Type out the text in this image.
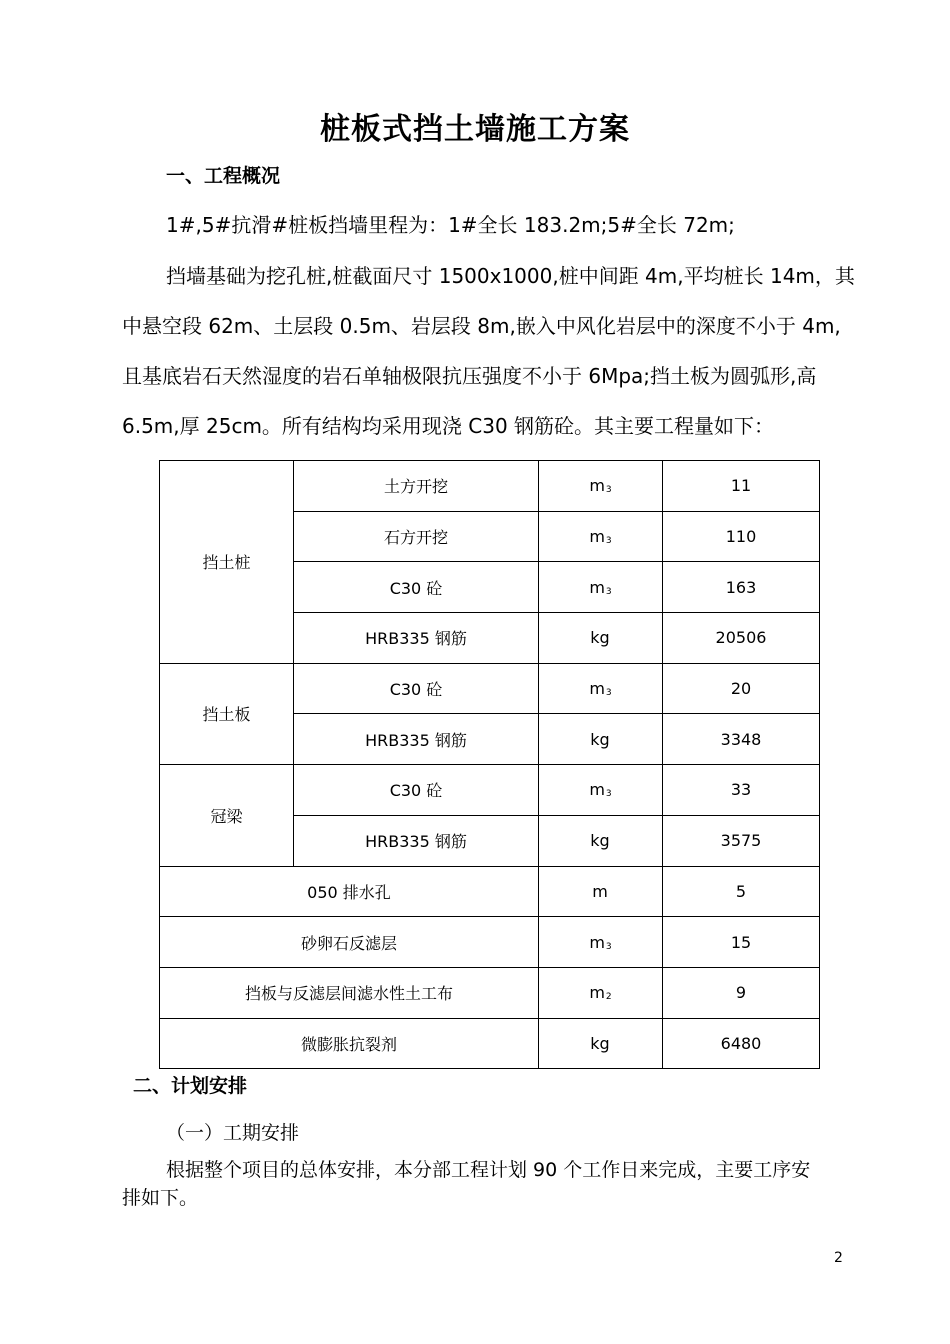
桩板式挡土墙施工方案
一、工程概况
1#,5#抗滑#桩板挡墙里程为：1#全长 183.2m;5#全长 72m;
挡墙基础为挖孔桩,桩截面尺寸 1500x1000,桩中间距 4m,平均桩长 14m，其
中悬空段 62m、土层段 0.5m、岩层段 8m,嵌入中风化岩层中的深度不小于 4m,
且基底岩石天然湿度的岩石单轴极限抗压强度不小于 6Mpa;挡土板为圆弧形,高
6.5m,厚 25cm。所有结构均采用现浇 C30 钢筋砼。其主要工程量如下：
挡土桩	土方开挖	$m^3$	11
	石方开挖	$m^3$	110
	C30 砼	$m^3$	163
	HRB335 钢筋	kg	20506
挡土板	C30 砼	$m^3$	20
	HRB335 钢筋	kg	3348
冠梁	C30 砼	$m^3$	33
	HRB335 钢筋	kg	3575
050 排水孔		m	5
砂卵石反滤层		$m^3$	15
挡板与反滤层间滤水性土工布		$m^2$	9
微膨胀抗裂剂		kg	6480
二、计划安排
（一）工期安排
根据整个项目的总体安排，本分部工程计划 90 个工作日来完成，主要工序安
排如下。
2
